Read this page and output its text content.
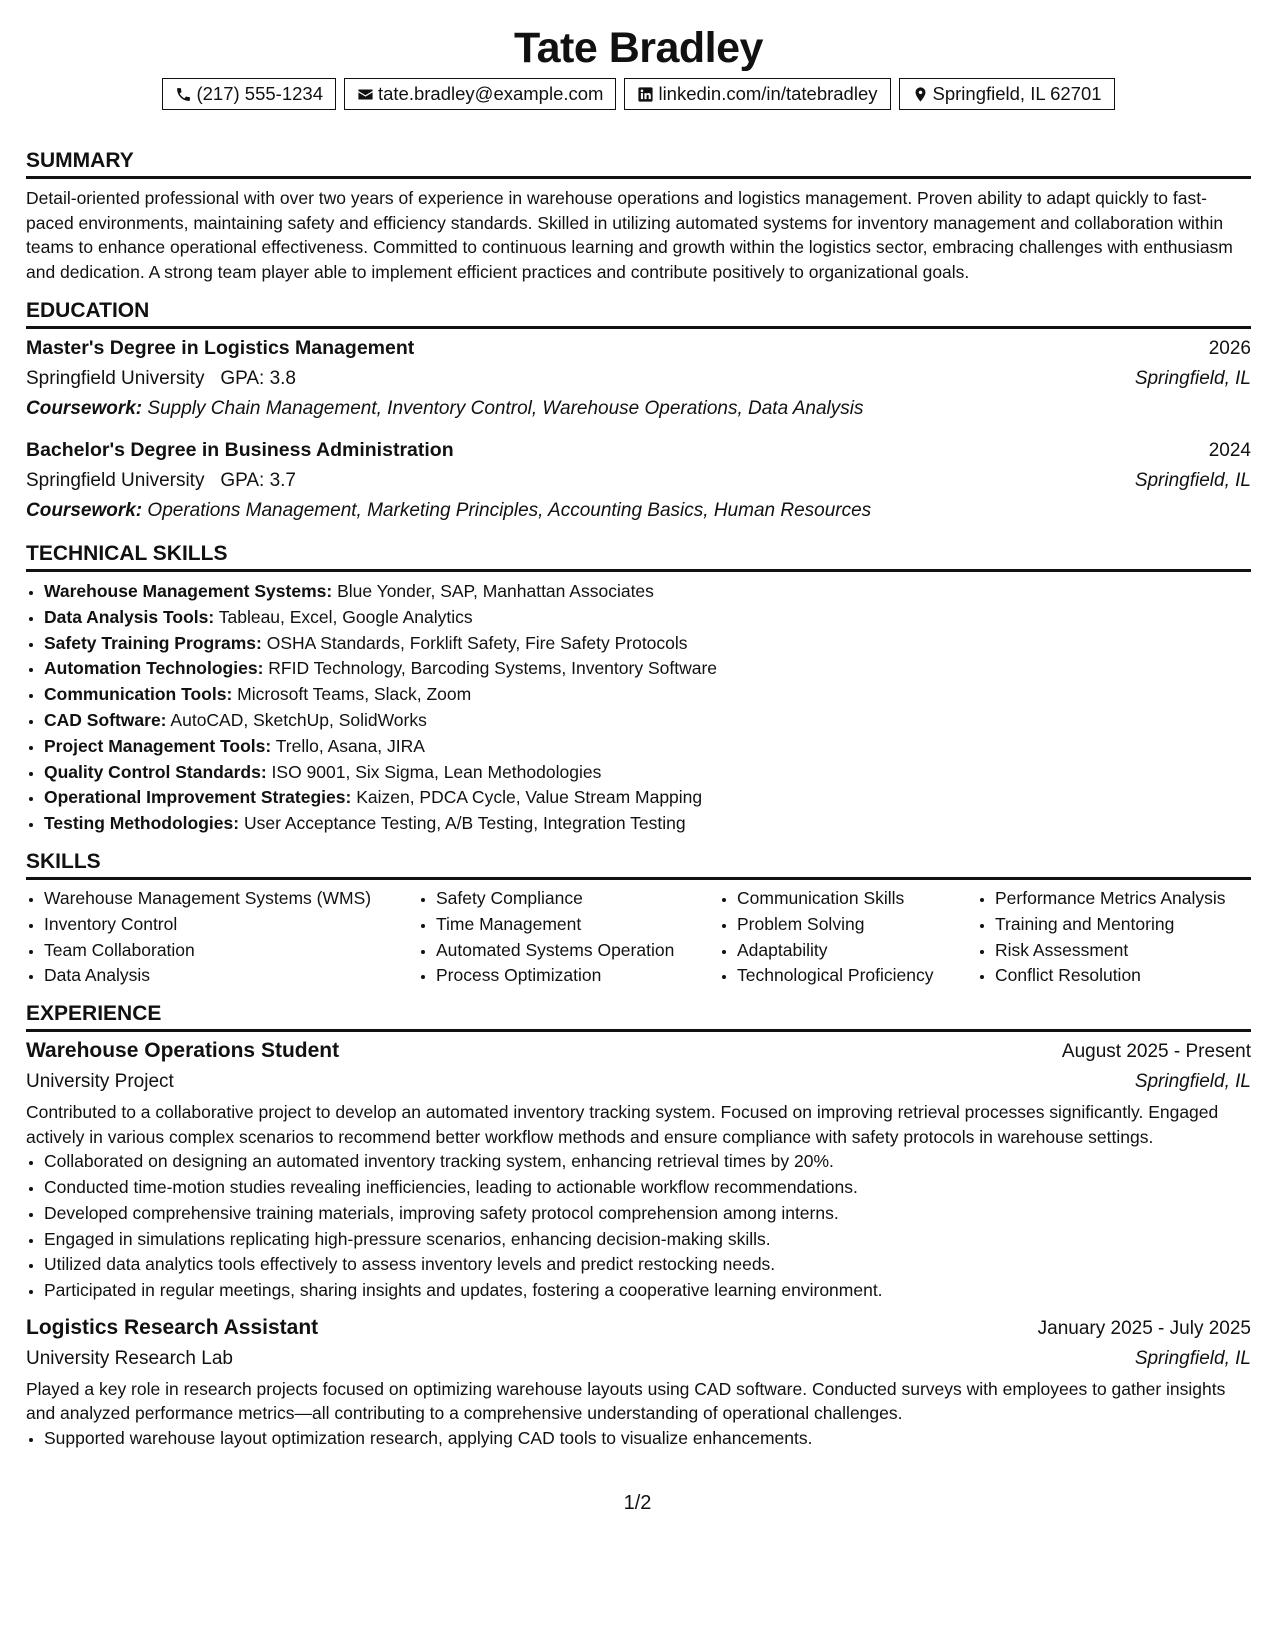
Tate Bradley
(217) 555-1234	tate.bradley@example.com	linkedin.com/in/tatebradley	Springfield, IL 62701
SUMMARY

Detail-oriented professional with over two years of experience in warehouse operations and logistics management. Proven ability to adapt quickly to fast-paced environments, maintaining safety and efficiency standards. Skilled in utilizing automated systems for inventory management and collaboration within teams to enhance operational effectiveness. Committed to continuous learning and growth within the logistics sector, embracing challenges with enthusiasm and dedication. A strong team player able to implement efficient practices and contribute positively to organizational goals.

EDUCATION
Master's Degree in Logistics Management	2026
Springfield University GPA: 3.8	Springfield, IL
Coursework: Supply Chain Management, Inventory Control, Warehouse Operations, Data Analysis
Bachelor's Degree in Business Administration	2024
Springfield University GPA: 3.7	Springfield, IL
Coursework: Operations Management, Marketing Principles, Accounting Basics, Human Resources
TECHNICAL SKILLS
• Warehouse Management Systems: Blue Yonder, SAP, Manhattan Associates
• Data Analysis Tools: Tableau, Excel, Google Analytics
• Safety Training Programs: OSHA Standards, Forklift Safety, Fire Safety Protocols
• Automation Technologies: RFID Technology, Barcoding Systems, Inventory Software
• Communication Tools: Microsoft Teams, Slack, Zoom
• CAD Software: AutoCAD, SketchUp, SolidWorks
• Project Management Tools: Trello, Asana, JIRA
• Quality Control Standards: ISO 9001, Six Sigma, Lean Methodologies
• Operational Improvement Strategies: Kaizen, PDCA Cycle, Value Stream Mapping
• Testing Methodologies: User Acceptance Testing, A/B Testing, Integration Testing
SKILLS
• Warehouse Management Systems (WMS)
• Inventory Control
• Team Collaboration
• Data Analysis
• Safety Compliance
• Time Management
• Automated Systems Operation
• Process Optimization
• Communication Skills
• Problem Solving
• Adaptability
• Technological Proficiency
• Performance Metrics Analysis
• Training and Mentoring
• Risk Assessment
• Conflict Resolution
EXPERIENCE
Warehouse Operations Student	August 2025 - Present
University Project	Springfield, IL

Contributed to a collaborative project to develop an automated inventory tracking system. Focused on improving retrieval processes significantly. Engaged actively in various complex scenarios to recommend better workflow methods and ensure compliance with safety protocols in warehouse settings.

• Collaborated on designing an automated inventory tracking system, enhancing retrieval times by 20%.
• Conducted time-motion studies revealing inefficiencies, leading to actionable workflow recommendations.
• Developed comprehensive training materials, improving safety protocol comprehension among interns.
• Engaged in simulations replicating high-pressure scenarios, enhancing decision-making skills.
• Utilized data analytics tools effectively to assess inventory levels and predict restocking needs.
• Participated in regular meetings, sharing insights and updates, fostering a cooperative learning environment.
Logistics Research Assistant	January 2025 - July 2025
University Research Lab	Springfield, IL

Played a key role in research projects focused on optimizing warehouse layouts using CAD software. Conducted surveys with employees to gather insights and analyzed performance metrics—all contributing to a comprehensive understanding of operational challenges.

• Supported warehouse layout optimization research, applying CAD tools to visualize enhancements.
1/2
